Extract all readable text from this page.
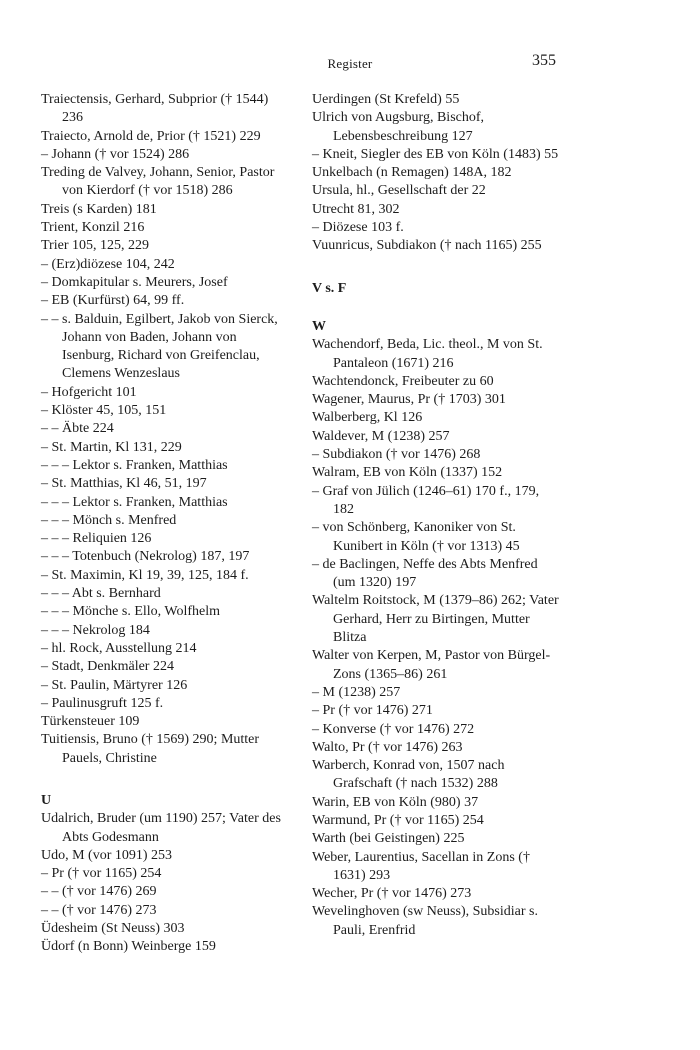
Register	355
Traiectensis, Gerhard, Subprior († 1544) 236
Traiecto, Arnold de, Prior († 1521) 229
– Johann († vor 1524) 286
Treding de Valvey, Johann, Senior, Pastor von Kierdorf († vor 1518) 286
Treis (s Karden) 181
Trient, Konzil 216
Trier 105, 125, 229
– (Erz)diözese 104, 242
– Domkapitular s. Meurers, Josef
– EB (Kurfürst) 64, 99 ff.
– – s. Balduin, Egilbert, Jakob von Sierck, Johann von Baden, Johann von Isenburg, Richard von Greifenclau, Clemens Wenzeslaus
– Hofgericht 101
– Klöster 45, 105, 151
– – Äbte 224
– St. Martin, Kl 131, 229
– – – Lektor s. Franken, Matthias
– St. Matthias, Kl 46, 51, 197
– – – Lektor s. Franken, Matthias
– – – Mönch s. Menfred
– – – Reliquien 126
– – – Totenbuch (Nekrolog) 187, 197
– St. Maximin, Kl 19, 39, 125, 184 f.
– – – Abt s. Bernhard
– – – Mönche s. Ello, Wolfhelm
– – – Nekrolog 184
– hl. Rock, Ausstellung 214
– Stadt, Denkmäler 224
– St. Paulin, Märtyrer 126
– Paulinusgruft 125 f.
Türkensteuer 109
Tuitiensis, Bruno († 1569) 290; Mutter Pauels, Christine
U
Udalrich, Bruder (um 1190) 257; Vater des Abts Godesmann
Udo, M (vor 1091) 253
– Pr († vor 1165) 254
– – († vor 1476) 269
– – († vor 1476) 273
Üdesheim (St Neuss) 303
Üdorf (n Bonn) Weinberge 159
Uerdingen (St Krefeld) 55
Ulrich von Augsburg, Bischof, Lebensbeschreibung 127
– Kneit, Siegler des EB von Köln (1483) 55
Unkelbach (n Remagen) 148A, 182
Ursula, hl., Gesellschaft der 22
Utrecht 81, 302
– Diözese 103 f.
Vuunricus, Subdiakon († nach 1165) 255
V s. F
W
Wachendorf, Beda, Lic. theol., M von St. Pantaleon (1671) 216
Wachtendonck, Freibeuter zu 60
Wagener, Maurus, Pr († 1703) 301
Walberberg, Kl 126
Waldever, M (1238) 257
– Subdiakon († vor 1476) 268
Walram, EB von Köln (1337) 152
– Graf von Jülich (1246–61) 170 f., 179, 182
– von Schönberg, Kanoniker von St. Kunibert in Köln († vor 1313) 45
– de Baclingen, Neffe des Abts Menfred (um 1320) 197
Waltelm Roitstock, M (1379–86) 262; Vater Gerhard, Herr zu Birtingen, Mutter Blitza
Walter von Kerpen, M, Pastor von Bürgel-Zons (1365–86) 261
– M (1238) 257
– Pr († vor 1476) 271
– Konverse († vor 1476) 272
Walto, Pr († vor 1476) 263
Warberch, Konrad von, 1507 nach Grafschaft († nach 1532) 288
Warin, EB von Köln (980) 37
Warmund, Pr († vor 1165) 254
Warth (bei Geistingen) 225
Weber, Laurentius, Sacellan in Zons († 1631) 293
Wecher, Pr († vor 1476) 273
Wevelinghoven (sw Neuss), Subsidiar s. Pauli, Erenfrid
